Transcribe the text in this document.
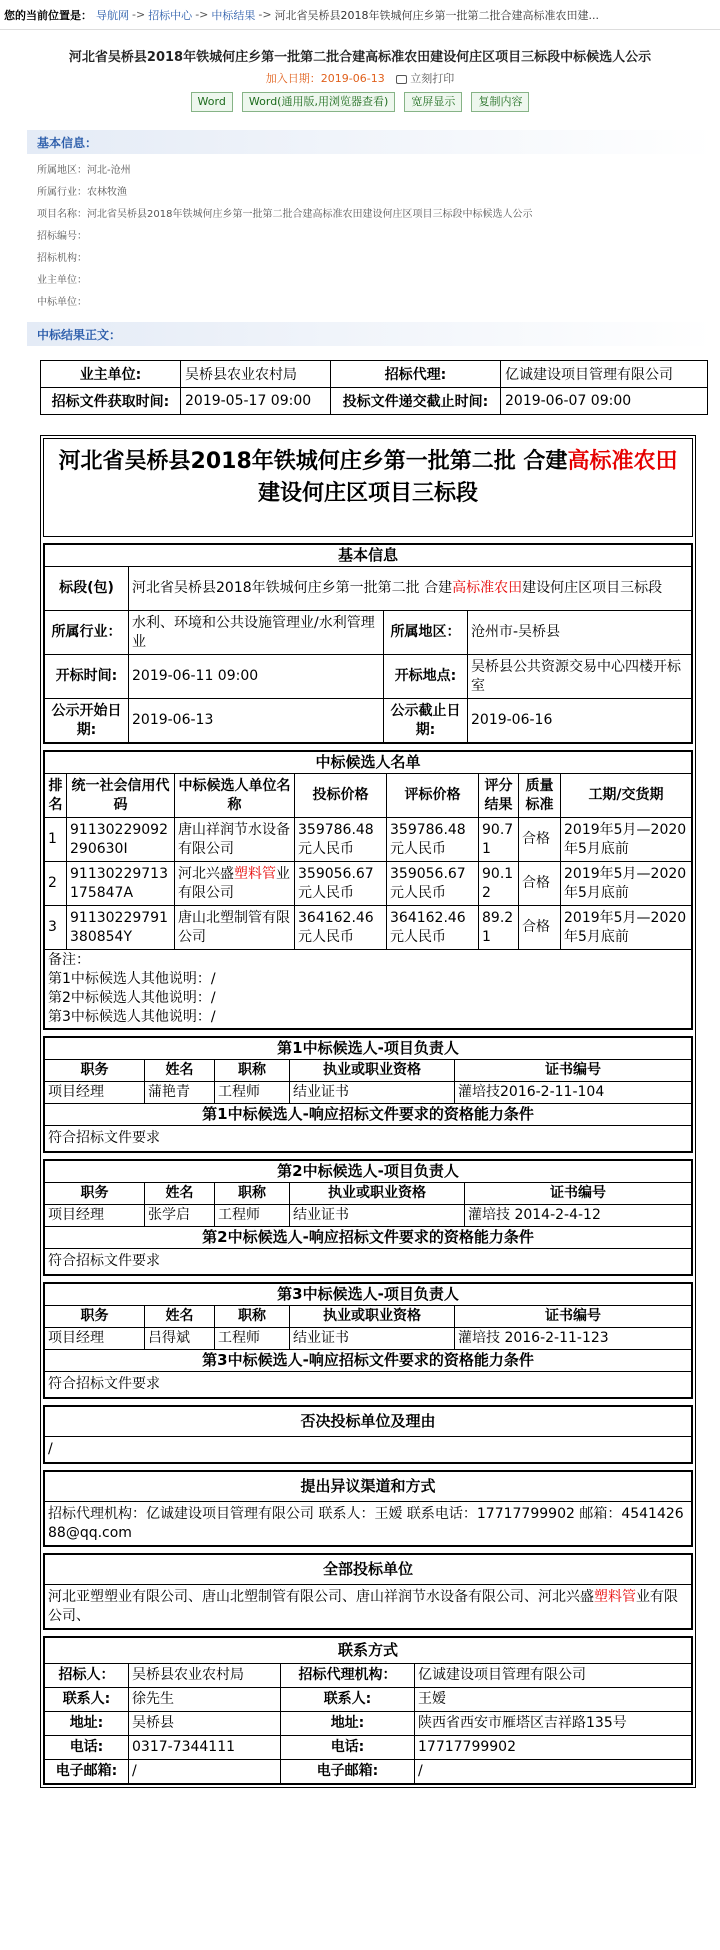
您的当前位置是： 导航网 -> 招标中心 -> 中标结果 -> 河北省吴桥县2018年铁城何庄乡第一批第二批合建高标准农田建...
河北省吴桥县2018年铁城何庄乡第一批第二批合建高标准农田建设何庄区项目三标段中标候选人公示
加入日期：2019-06-13 立刻打印
Word Word(通用版,用浏览器查看) 宽屏显示 复制内容
基本信息：
所属地区：河北-沧州
所属行业：农林牧渔
项目名称：河北省吴桥县2018年铁城何庄乡第一批第二批合建高标准农田建设何庄区项目三标段中标候选人公示
招标编号：
招标机构：
业主单位：
中标单位：
中标结果正文：
业主单位:	吴桥县农业农村局	招标代理:	亿诚建设项目管理有限公司
招标文件获取时间:	2019-05-17 09:00	投标文件递交截止时间:	2019-06-07 09:00
河北省吴桥县2018年铁城何庄乡第一批第二批 合建高标准农田建设何庄区项目三标段
基本信息			
标段(包)	河北省吴桥县2018年铁城何庄乡第一批第二批 合建高标准农田建设何庄区项目三标段		
所属行业：	水利、环境和公共设施管理业/水利管理业	所属地区：	沧州市-吴桥县
开标时间:	2019-06-11 09:00	开标地点:	吴桥县公共资源交易中心四楼开标室
公示开始日期:	2019-06-13	公示截止日期:	2019-06-16
中标候选人名单							
排名	统一社会信用代码	中标候选人单位名称	投标价格	评标价格	评分结果	质量标准	工期/交货期
1	91130229092290630I	唐山祥润节水设备有限公司	359786.48元人民币	359786.48元人民币	90.71	合格	2019年5月—2020年5月底前
2	91130229713175847A	河北兴盛塑料管业有限公司	359056.67元人民币	359056.67元人民币	90.12	合格	2019年5月—2020年5月底前
3	91130229791380854Y	唐山北塑制管有限公司	364162.46元人民币	364162.46元人民币	89.21	合格	2019年5月—2020年5月底前

备注：
第1中标候选人其他说明：/
第2中标候选人其他说明：/
第3中标候选人其他说明：/							
第1中标候选人-项目负责人				
职务	姓名	职称	执业或职业资格	证书编号
项目经理	蒲艳青	工程师	结业证书	灌培技2016-2-11-104
第1中标候选人-响应招标文件要求的资格能力条件				
符合招标文件要求				
第2中标候选人-项目负责人				
职务	姓名	职称	执业或职业资格	证书编号
项目经理	张学启	工程师	结业证书	灌培技 2014-2-4-12
第2中标候选人-响应招标文件要求的资格能力条件				
符合招标文件要求				
第3中标候选人-项目负责人				
职务	姓名	职称	执业或职业资格	证书编号
项目经理	吕得斌	工程师	结业证书	灌培技 2016-2-11-123
第3中标候选人-响应招标文件要求的资格能力条件				
符合招标文件要求				
否决投标单位及理由
/
提出异议渠道和方式
招标代理机构：亿诚建设项目管理有限公司 联系人：王嫒 联系电话：17717799902 邮箱：454142688@qq.com
全部投标单位
河北亚塑塑业有限公司、唐山北塑制管有限公司、唐山祥润节水设备有限公司、河北兴盛塑料管业有限公司、
联系方式			
招标人：	吴桥县农业农村局	招标代理机构：	亿诚建设项目管理有限公司
联系人:	徐先生	联系人:	王嫒
地址:	吴桥县	地址:	陕西省西安市雁塔区吉祥路135号
电话:	0317-7344111	电话:	17717799902
电子邮箱:	/	电子邮箱:	/
